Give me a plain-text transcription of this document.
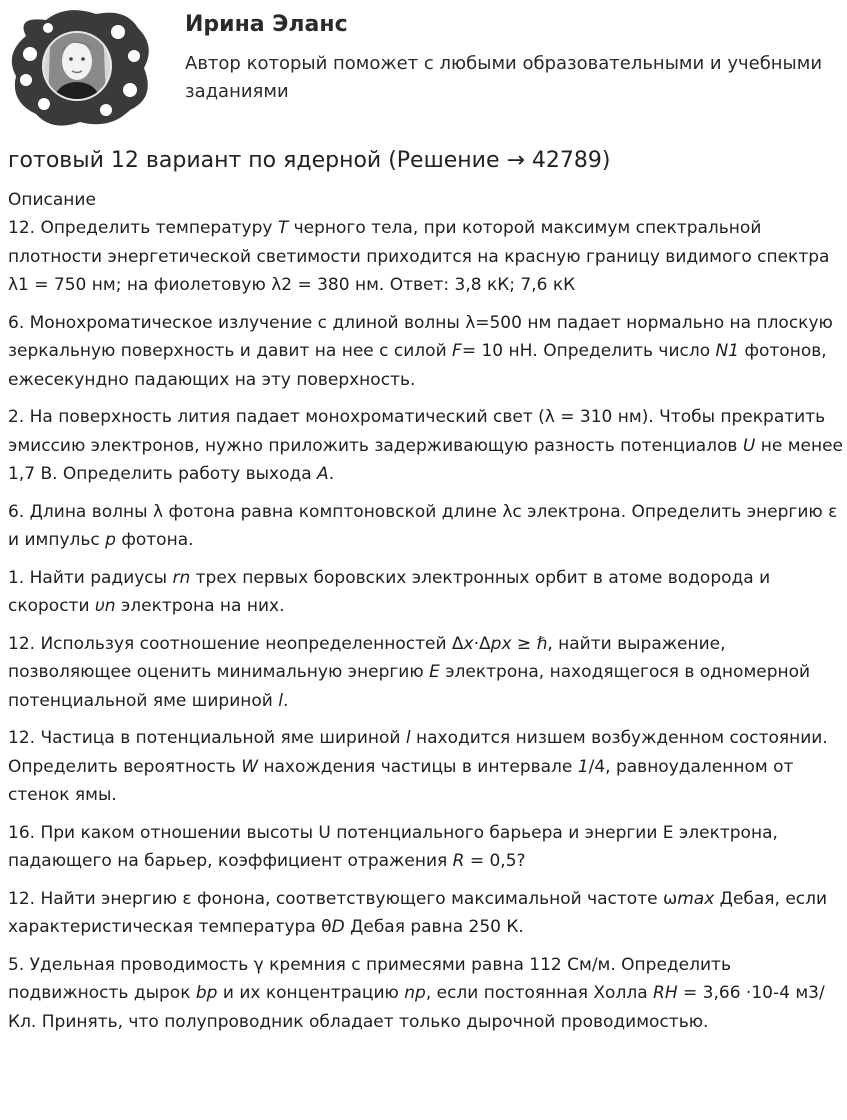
Ирина Эланс
Автор который поможет с любыми образовательными и учебными заданиями
готовый 12 вариант по ядерной (Решение → 42789)

Описание

12. Определить температуру T черного тела, при которой максимум спектральной плотности энергетической светимости приходится на красную границу видимого спектра λ1 = 750 нм; на фиолетовую λ2 = 380 нм. Ответ: 3,8 кК; 7,6 кК

6. Монохроматическое излучение с длиной волны λ=500 нм падает нормально на плоскую зеркальную поверхность и давит на нее с силой F= 10 нН. Определить число N1 фотонов, ежесекундно падающих на эту поверхность.

2. На поверхность лития падает монохроматический свет (λ = 310 нм). Чтобы прекратить эмиссию электронов, нужно приложить задерживающую разность потенциалов U не менее 1,7 В. Определить работу выхода A.

6. Длина волны λ фотона равна комптоновской длине λс электрона. Определить энергию ε и импульс p фотона.

1. Найти радиусы rn трех первых боровских электронных орбит в атоме водорода и скорости υn электрона на них.

12. Используя соотношение неопределенностей Δx·Δpx ≥ ℏ, найти выражение, позволяющее оценить минимальную энергию E электрона, находящегося в одномерной потенциальной яме шириной l.

12. Частица в потенциальной яме шириной l находится низшем возбужденном состоянии. Определить вероятность W нахождения частицы в интервале 1/4, равноудаленном от стенок ямы.

16. При каком отношении высоты U потенциального барьера и энергии E электрона, падающего на барьер, коэффициент отражения R = 0,5?

12. Найти энергию ε фонона, соответствующего максимальной частоте ωmax Дебая, если характеристическая температура θD Дебая равна 250 К.

5. Удельная проводимость γ кремния с примесями равна 112 См/м. Определить подвижность дырок bp и их концентрацию np, если постоянная Холла RH = 3,66 ·10-4 м3/Кл. Принять, что полупроводник обладает только дырочной проводимостью.
